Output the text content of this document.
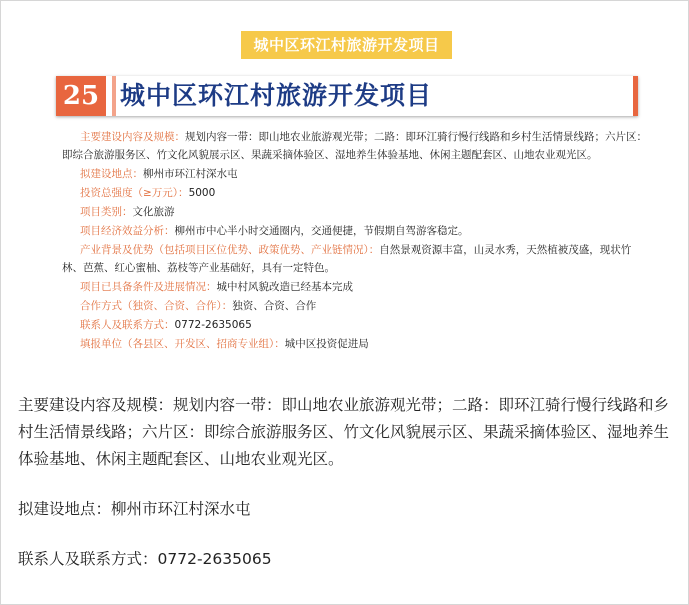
城中区环江村旅游开发项目
25 城中区环江村旅游开发项目

主要建设内容及规模：规划内容一带：即山地农业旅游观光带；二路：即环江骑行慢行线路和乡村生活情景线路；六片区：即综合旅游服务区、竹文化风貌展示区、果蔬采摘体验区、湿地养生体验基地、休闲主题配套区、山地农业观光区。

拟建设地点：柳州市环江村深水屯

投资总强度（≥万元）：5000

项目类别：文化旅游

项目经济效益分析：柳州市中心半小时交通圈内，交通便捷，节假期自驾游客稳定。

产业背景及优势（包括项目区位优势、政策优势、产业链情况）：自然景观资源丰富，山灵水秀，天然植被茂盛，现状竹林、芭蕉、红心蜜柚、荔枝等产业基础好，具有一定特色。

项目已具备条件及进展情况：城中村风貌改造已经基本完成

合作方式（独资、合资、合作）：独资、合资、合作

联系人及联系方式：0772-2635065

填报单位（各县区、开发区、招商专业组）：城中区投资促进局

主要建设内容及规模：规划内容一带：即山地农业旅游观光带；二路：即环江骑行慢行线路和乡村生活情景线路；六片区：即综合旅游服务区、竹文化风貌展示区、果蔬采摘体验区、湿地养生体验基地、休闲主题配套区、山地农业观光区。

拟建设地点：柳州市环江村深水屯

联系人及联系方式：0772-2635065
